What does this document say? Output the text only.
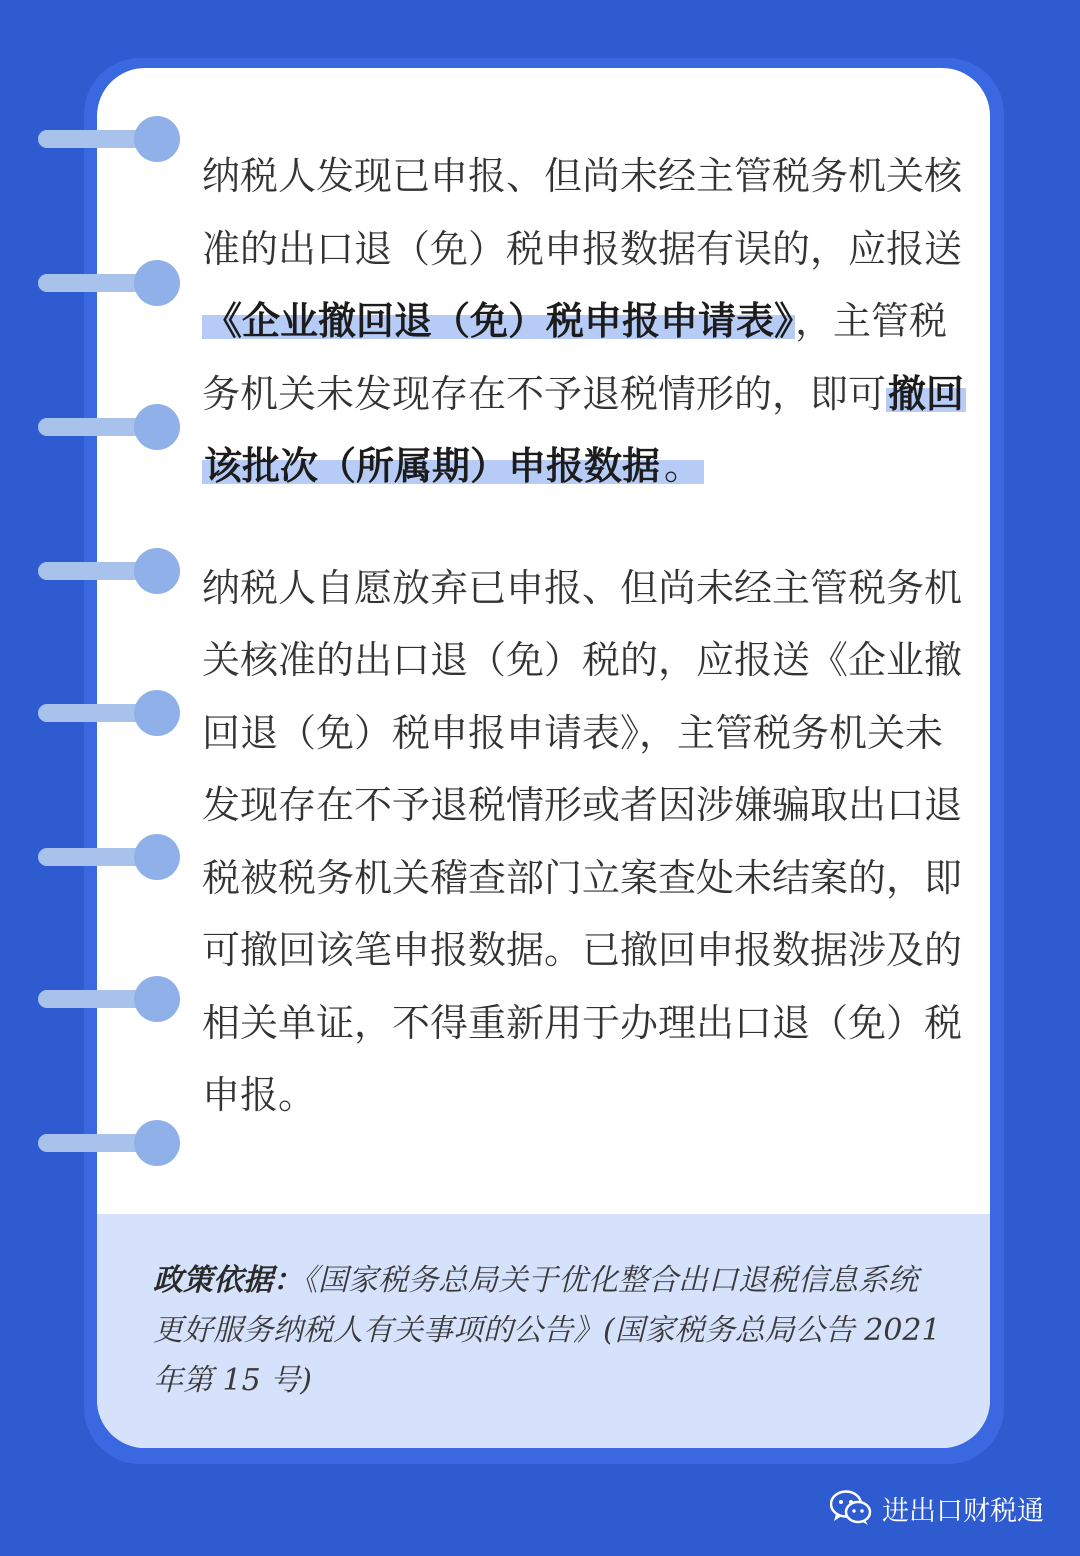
纳税人发现已申报、但尚未经主管税务机关核准的出口退（免）税申报数据有误的，应报送《企业撤回退（免）税申报申请表》，主管税务机关未发现存在不予退税情形的，即可撤回该批次（所属期）申报数据 。

纳税人自愿放弃已申报、但尚未经主管税务机关核准的出口退（免）税的，应报送《企业撤回退（免）税申报申请表》，主管税务机关未发现存在不予退税情形或者因涉嫌骗取出口退税被税务机关稽查部门立案查处未结案的，即可撤回该笔申报数据。已撤回申报数据涉及的相关单证，不得重新用于办理出口退（免）税申报。

政策依据：《国家税务总局关于优化整合出口退税信息系统 更好服务纳税人有关事项的公告》(国家税务总局公告 2021 年第 15 号)
进出口财税通
